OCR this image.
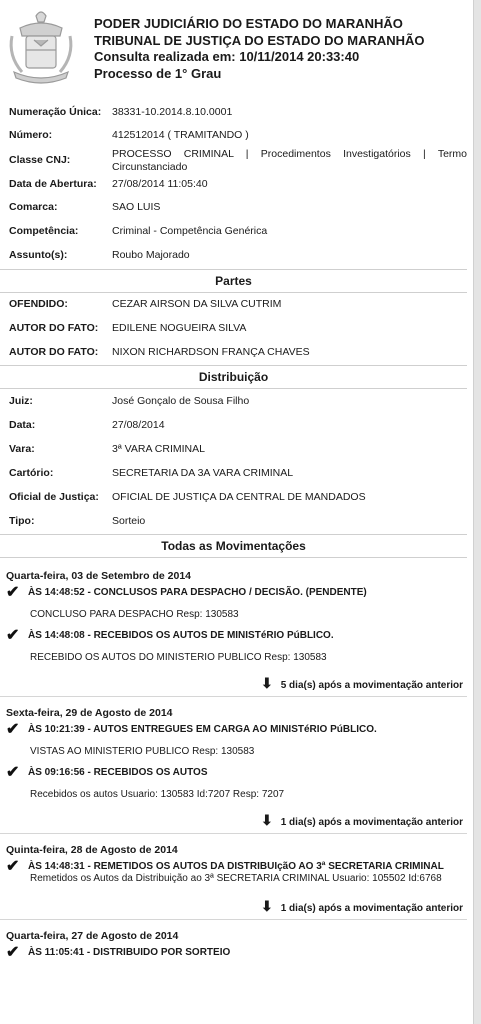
PODER JUDICIÁRIO DO ESTADO DO MARANHÃO
TRIBUNAL DE JUSTIÇA DO ESTADO DO MARANHÃO
Consulta realizada em: 10/11/2014 20:33:40
Processo de 1° Grau
Numeração Única:	38331-10.2014.8.10.0001
Número:	412512014 ( TRAMITANDO )
Classe CNJ:	PROCESSO CRIMINAL | Procedimentos Investigatórios | Termo Circunstanciado
Data de Abertura:	27/08/2014 11:05:40
Comarca:	SAO LUIS
Competência:	Criminal - Competência Genérica
Assunto(s):	Roubo Majorado
Partes
OFENDIDO:	CEZAR AIRSON DA SILVA CUTRIM
AUTOR DO FATO:	EDILENE NOGUEIRA SILVA
AUTOR DO FATO:	NIXON RICHARDSON FRANÇA CHAVES
Distribuição
Juiz:	José Gonçalo de Sousa Filho
Data:	27/08/2014
Vara:	3ª VARA CRIMINAL
Cartório:	SECRETARIA DA 3A VARA CRIMINAL
Oficial de Justiça:	OFICIAL DE JUSTIÇA DA CENTRAL DE MANDADOS
Tipo:	Sorteio
Todas as Movimentações
Quarta-feira, 03 de Setembro de 2014
✔ ÀS 14:48:52 - CONCLUSOS PARA DESPACHO / DECISÃO. (PENDENTE)
CONCLUSO PARA DESPACHO Resp: 130583
✔ ÀS 14:48:08 - RECEBIDOS OS AUTOS DE MINISTéRIO PúBLICO.
RECEBIDO OS AUTOS DO MINISTERIO PUBLICO Resp: 130583
⬇ 5 dia(s) após a movimentação anterior
Sexta-feira, 29 de Agosto de 2014
✔ ÀS 10:21:39 - AUTOS ENTREGUES EM CARGA AO MINISTéRIO PúBLICO.
VISTAS AO MINISTERIO PUBLICO Resp: 130583
✔ ÀS 09:16:56 - RECEBIDOS OS AUTOS
Recebidos os autos Usuario: 130583 Id:7207 Resp: 7207
⬇ 1 dia(s) após a movimentação anterior
Quinta-feira, 28 de Agosto de 2014
✔ ÀS 14:48:31 - REMETIDOS OS AUTOS DA DISTRIBUIçãO AO 3ª SECRETARIA CRIMINAL
Remetidos os Autos da Distribuição ao 3ª SECRETARIA CRIMINAL Usuario: 105502 Id:6768
⬇ 1 dia(s) após a movimentação anterior
Quarta-feira, 27 de Agosto de 2014
✔ ÀS 11:05:41 - DISTRIBUIDO POR SORTEIO
